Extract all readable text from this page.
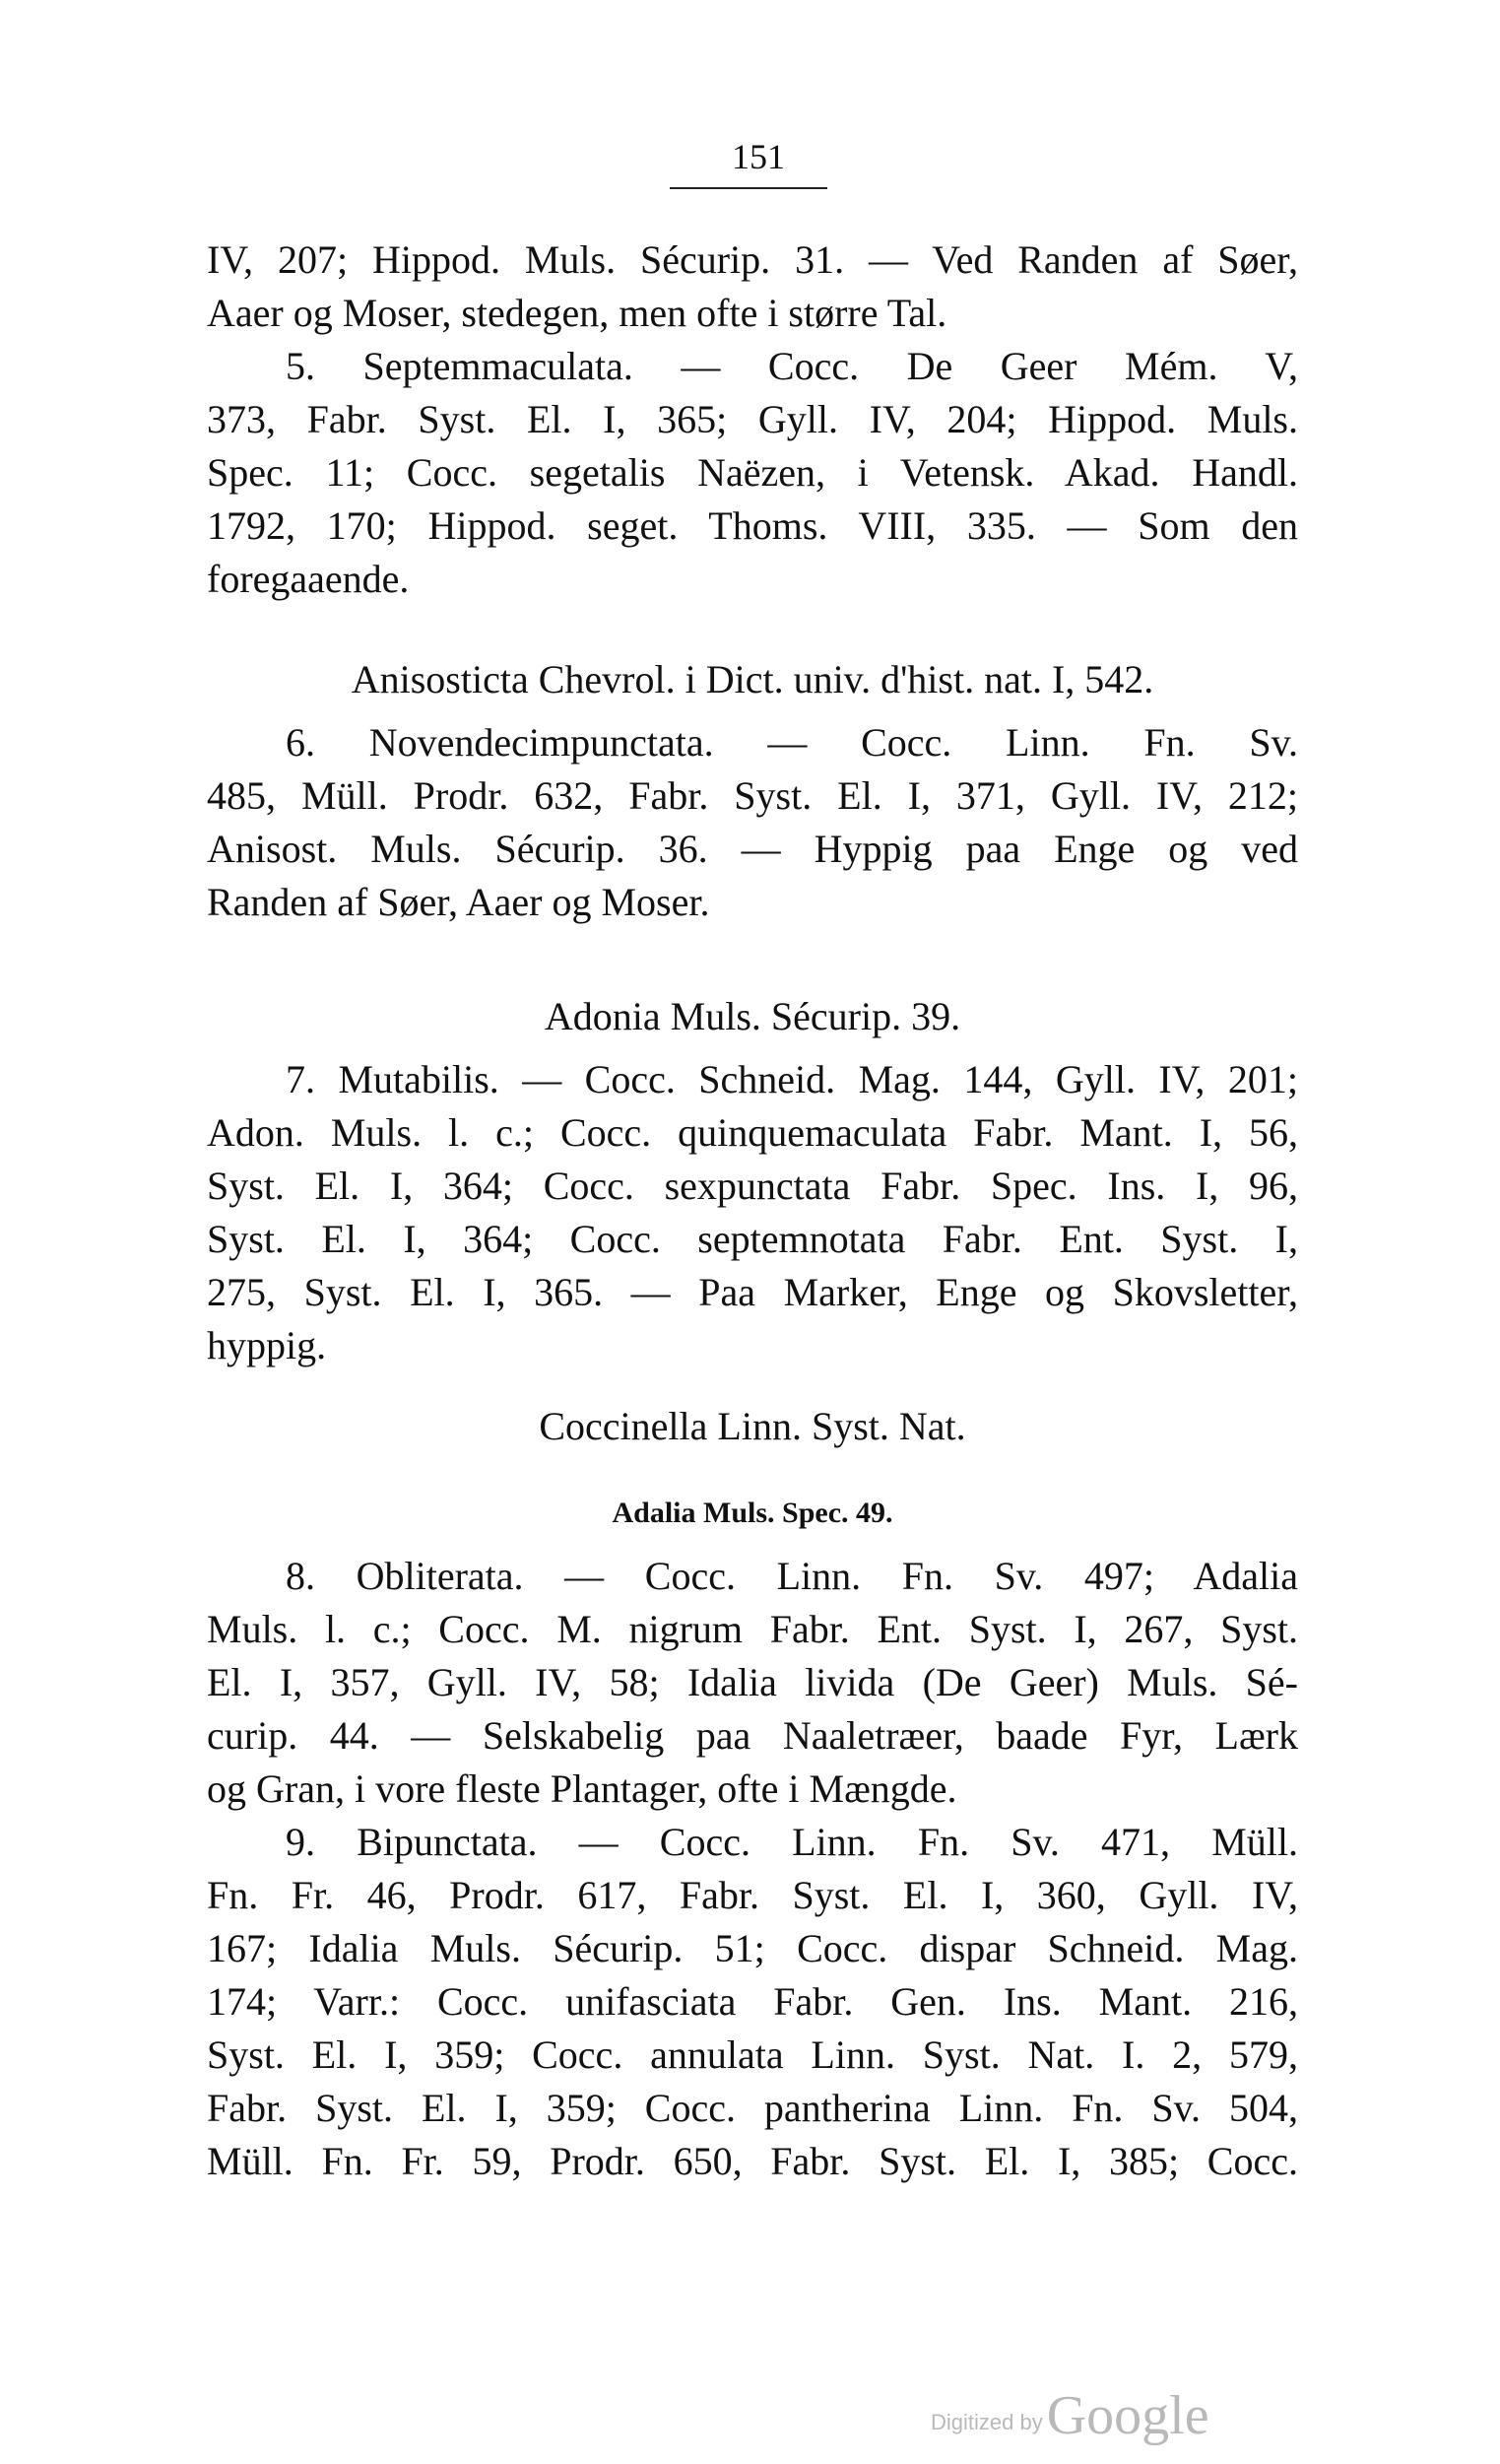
151
IV, 207; Hippod. Muls. Sécurip. 31. — Ved Randen af Søer,
Aaer og Moser, stedegen, men ofte i større Tal.
5. Septemmaculata. — Cocc. De Geer Mém. V,
373, Fabr. Syst. El. I, 365; Gyll. IV, 204; Hippod. Muls.
Spec. 11; Cocc. segetalis Naëzen, i Vetensk. Akad. Handl.
1792, 170; Hippod. seget. Thoms. VIII, 335. — Som den
foregaaende.
Anisosticta Chevrol. i Dict. univ. d'hist. nat. I, 542.
6. Novendecimpunctata. — Cocc. Linn. Fn. Sv.
485, Müll. Prodr. 632, Fabr. Syst. El. I, 371, Gyll. IV, 212;
Anisost. Muls. Sécurip. 36. — Hyppig paa Enge og ved
Randen af Søer, Aaer og Moser.
Adonia Muls. Sécurip. 39.
7. Mutabilis. — Cocc. Schneid. Mag. 144, Gyll. IV, 201;
Adon. Muls. l. c.; Cocc. quinquemaculata Fabr. Mant. I, 56,
Syst. El. I, 364; Cocc. sexpunctata Fabr. Spec. Ins. I, 96,
Syst. El. I, 364; Cocc. septemnotata Fabr. Ent. Syst. I,
275, Syst. El. I, 365. — Paa Marker, Enge og Skovsletter,
hyppig.
Coccinella Linn. Syst. Nat.
Adalia Muls. Spec. 49.
8. Obliterata. — Cocc. Linn. Fn. Sv. 497; Adalia
Muls. l. c.; Cocc. M. nigrum Fabr. Ent. Syst. I, 267, Syst.
El. I, 357, Gyll. IV, 58; Idalia livida (De Geer) Muls. Sé-
curip. 44. — Selskabelig paa Naaletræer, baade Fyr, Lærk
og Gran, i vore fleste Plantager, ofte i Mængde.
9. Bipunctata. — Cocc. Linn. Fn. Sv. 471, Müll.
Fn. Fr. 46, Prodr. 617, Fabr. Syst. El. I, 360, Gyll. IV,
167; Idalia Muls. Sécurip. 51; Cocc. dispar Schneid. Mag.
174; Varr.: Cocc. unifasciata Fabr. Gen. Ins. Mant. 216,
Syst. El. I, 359; Cocc. annulata Linn. Syst. Nat. I. 2, 579,
Fabr. Syst. El. I, 359; Cocc. pantherina Linn. Fn. Sv. 504,
Müll. Fn. Fr. 59, Prodr. 650, Fabr. Syst. El. I, 385; Cocc.
Digitized by Google
